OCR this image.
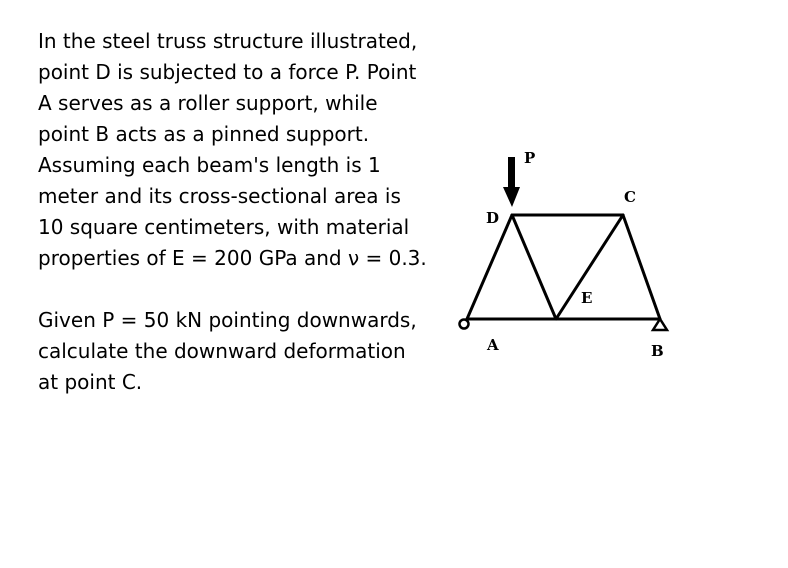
In the steel truss structure illustrated, point D is subjected to a force P. Point A serves as a roller support, while point B acts as a pinned support. Assuming each beam's length is 1 meter and its cross-sectional area is 10 square centimeters, with material properties of E = 200 GPa and ν = 0.3.

Given P = 50 kN pointing downwards, calculate the downward deformation at point C.

P
C
D
E
A	B
